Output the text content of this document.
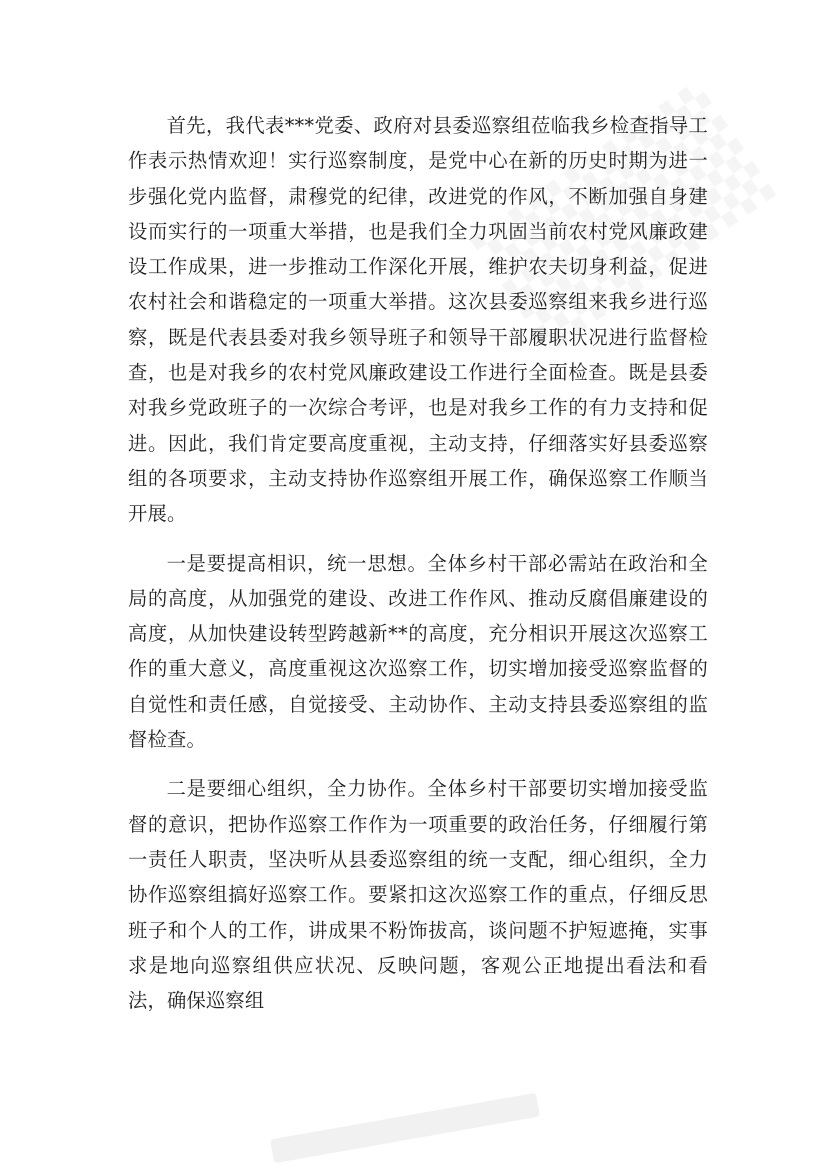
首先，我代表***党委、政府对县委巡察组莅临我乡检查指导工作表示热情欢迎！实行巡察制度，是党中心在新的历史时期为进一步强化党内监督，肃穆党的纪律，改进党的作风，不断加强自身建设而实行的一项重大举措，也是我们全力巩固当前农村党风廉政建设工作成果，进一步推动工作深化开展，维护农夫切身利益，促进农村社会和谐稳定的一项重大举措。这次县委巡察组来我乡进行巡察，既是代表县委对我乡领导班子和领导干部履职状况进行监督检查，也是对我乡的农村党风廉政建设工作进行全面检查。既是县委对我乡党政班子的一次综合考评，也是对我乡工作的有力支持和促进。因此，我们肯定要高度重视，主动支持，仔细落实好县委巡察组的各项要求，主动支持协作巡察组开展工作，确保巡察工作顺当开展。

一是要提高相识，统一思想。全体乡村干部必需站在政治和全局的高度，从加强党的建设、改进工作作风、推动反腐倡廉建设的高度，从加快建设转型跨越新**的高度，充分相识开展这次巡察工作的重大意义，高度重视这次巡察工作，切实增加接受巡察监督的自觉性和责任感，自觉接受、主动协作、主动支持县委巡察组的监督检查。

二是要细心组织，全力协作。全体乡村干部要切实增加接受监督的意识，把协作巡察工作作为一项重要的政治任务，仔细履行第一责任人职责，坚决听从县委巡察组的统一支配，细心组织，全力协作巡察组搞好巡察工作。要紧扣这次巡察工作的重点，仔细反思班子和个人的工作，讲成果不粉饰拔高，谈问题不护短遮掩，实事求是地向巡察组供应状况、反映问题，客观公正地提出看法和看法，确保巡察组
